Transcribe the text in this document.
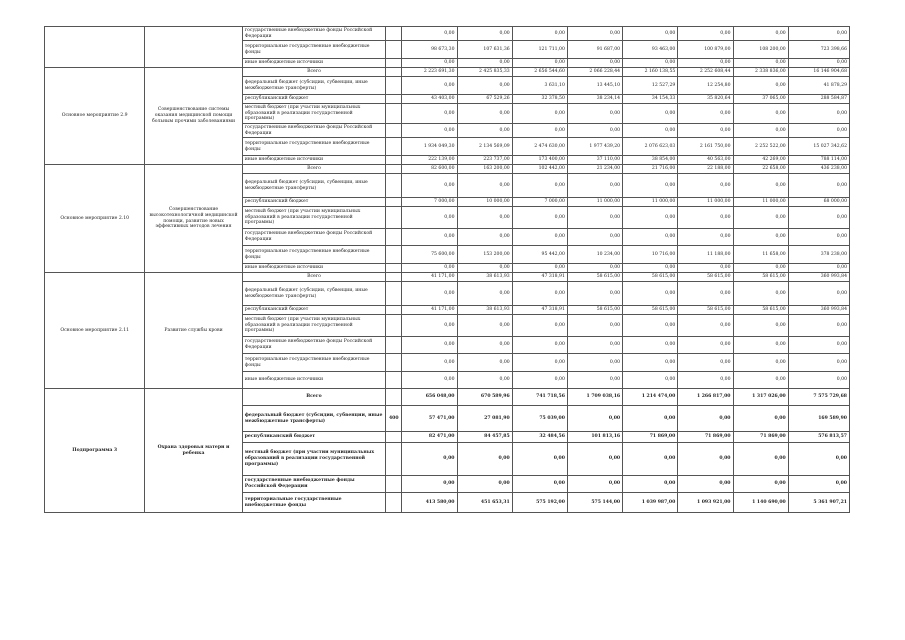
		государственные внебюджетные фонды Российской Федерации		0,00	0,00	0,00	0,00	0,00	0,00	0,00	0,00
		территориальные государственные внебюджетные фонды		98 673,30	107 631,36	121 711,00	91 687,00	93 463,00	100 879,00	108 200,00	723 398,66
		иные внебюджетные источники		0,00	0,00	0,00	0,00	0,00	0,00	0,00	0,00
Основное мероприятие 2.9	Совершенствование системы оказания медицинской помощи больным прочими заболеваниями	Всего		2 223 691,30	2 425 835,33	2 656 544,60	2 066 228,44	2 160 138,55	2 252 608,44	2 338 836,00	16 146 904,68
		федеральный бюджет (субсидии, субвенции, иные межбюджетные трансферты)		0,00	0,00	3 631,10	13 445,10	12 527,29	12 254,80	0,00	41 878,29
		республиканский бюджет		43 403,00	67 529,26	32 378,50	38 234,14	34 154,33	35 820,64	37 065,00	288 584,87
		местный бюджет (при участии муниципальных образований в реализации государственной программы)		0,00	0,00	0,00	0,00	0,00	0,00	0,00	0,00
		государственные внебюджетные фонды Российской Федерации		0,00	0,00	0,00	0,00	0,00	0,00	0,00	0,00
		территориальные государственные внебюджетные фонды		1 934 049,30	2 134 569,09	2 474 630,00	1 977 439,20	2 076 623,03	2 161 750,00	2 252 522,00	15 027 342,62
		иные внебюджетные источники		222 139,00	223 737,00	173 400,00	37 110,00	38 854,00	40 563,00	42 269,00	788 114,00
Основное мероприятие 2.10	Совершенствование высокотехнологичной медицинской помощи, развитие новых эффективных методов лечения	Всего		82 600,00	163 200,00	102 442,00	21 234,00	21 716,00	22 188,00	22 658,00	436 238,00
		федеральный бюджет (субсидии, субвенции, иные межбюджетные трансферты)		0,00	0,00	0,00	0,00	0,00	0,00	0,00	0,00
		республиканский бюджет		7 000,00	10 000,00	7 000,00	11 000,00	11 000,00	11 000,00	11 000,00	68 000,00
		местный бюджет (при участии муниципальных образований в реализации государственной программы)		0,00	0,00	0,00	0,00	0,00	0,00	0,00	0,00
		государственные внебюджетные фонды Российской Федерации		0,00	0,00	0,00	0,00	0,00	0,00	0,00	0,00
		территориальные государственные внебюджетные фонды		75 600,00	153 200,00	95 442,00	10 234,00	10 716,00	11 188,00	11 658,00	378 238,00
		иные внебюджетные источники		0,00	0,00	0,00	0,00	0,00	0,00	0,00	0,00
Основное мероприятие 2.11	Развитие службы крови	Всего		41 171,00	38 613,93	47 318,91	58 615,00	58 615,00	58 615,00	58 615,00	360 993,84
		федеральный бюджет (субсидии, субвенции, иные межбюджетные трансферты)		0,00	0,00	0,00	0,00	0,00	0,00	0,00	0,00
		республиканский бюджет		41 171,00	38 613,93	47 318,91	58 615,00	58 615,00	58 615,00	58 615,00	360 993,84
		местный бюджет (при участии муниципальных образований в реализации государственной программы)		0,00	0,00	0,00	0,00	0,00	0,00	0,00	0,00
		государственные внебюджетные фонды Российской Федерации		0,00	0,00	0,00	0,00	0,00	0,00	0,00	0,00
		территориальные государственные внебюджетные фонды		0,00	0,00	0,00	0,00	0,00	0,00	0,00	0,00
		иные внебюджетные источники		0,00	0,00	0,00	0,00	0,00	0,00	0,00	0,00
Подпрограмма 3	Охрана здоровья матери и ребенка	Всего		656 048,00	670 589,96	741 718,56	1 709 038,16	1 214 474,00	1 266 817,00	1 317 026,00	7 575 729,68
		федеральный бюджет (субсидии, субвенции, иные межбюджетные трансферты)	400	57 471,00	27 081,90	75 039,00	0,00	0,00	0,00	0,00	169 589,90
		республиканский бюджет		82 471,00	84 457,85	32 484,56	101 813,16	71 869,00	71 869,00	71 869,00	576 813,57
		местный бюджет (при участии муниципальных образований в реализации государственной программы)		0,00	0,00	0,00	0,00	0,00	0,00	0,00	0,00
		государственные внебюджетные фонды Российской Федерации		0,00	0,00	0,00	0,00	0,00	0,00	0,00	0,00
		территориальные государственные внебюджетные фонды		413 580,00	451 653,31	575 192,00	575 144,00	1 039 987,00	1 093 921,00	1 140 690,00	5 361 907,21
